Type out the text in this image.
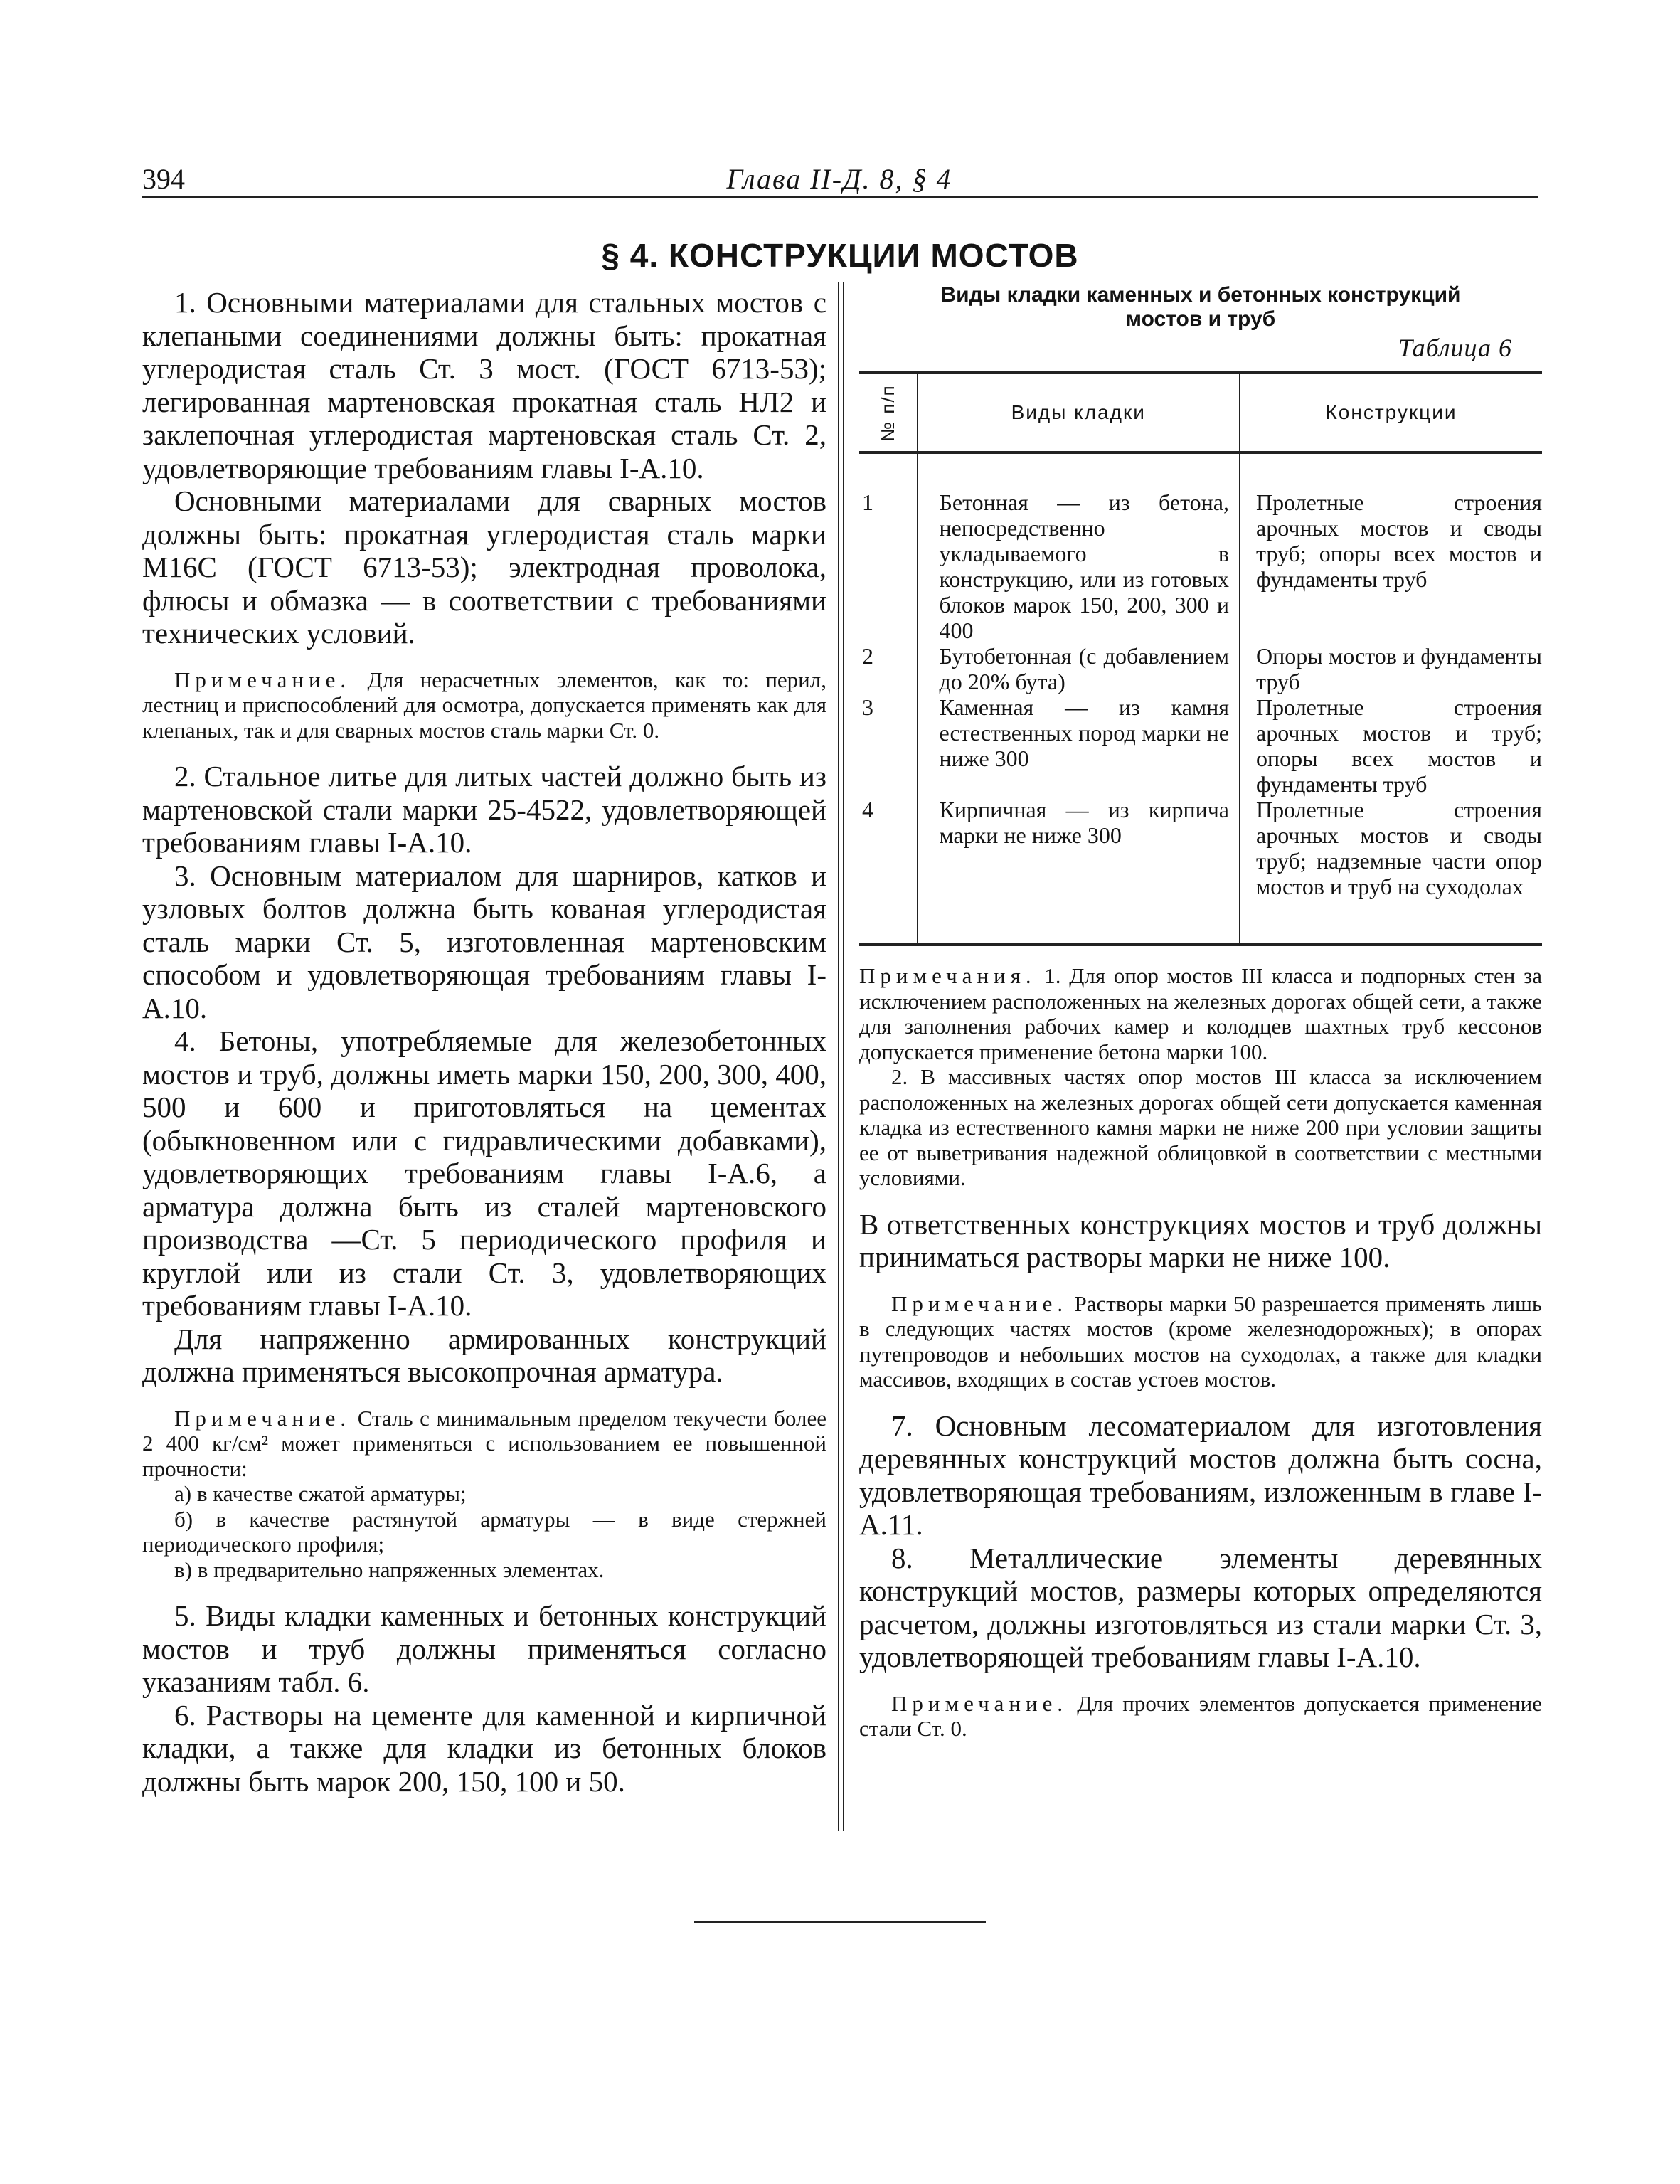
394	Глава II-Д. 8, § 4
§ 4. КОНСТРУКЦИИ МОСТОВ

1. Основными материалами для стальных мостов с клепаными соединениями должны быть: прокатная углеродистая сталь Ст. 3 мост. (ГОСТ 6713-53); легированная мартеновская прокатная сталь НЛ2 и заклепочная углеродистая мартеновская сталь Ст. 2, удовлетворяющие требованиям главы I-А.10.

Основными материалами для сварных мостов должны быть: прокатная углеродистая сталь марки М16С (ГОСТ 6713-53); электродная проволока, флюсы и обмазка — в соответствии с требованиями технических условий.

Примечание. Для нерасчетных элементов, как то: перил, лестниц и приспособлений для осмотра, допускается применять как для клепаных, так и для сварных мостов сталь марки Ст. 0.

2. Стальное литье для литых частей должно быть из мартеновской стали марки 25-4522, удовлетворяющей требованиям главы I-А.10.

3. Основным материалом для шарниров, катков и узловых болтов должна быть кованая углеродистая сталь марки Ст. 5, изготовленная мартеновским способом и удовлетворяющая требованиям главы I-А.10.

4. Бетоны, употребляемые для железобетонных мостов и труб, должны иметь марки 150, 200, 300, 400, 500 и 600 и приготовляться на цементах (обыкновенном или с гидравлическими добавками), удовлетворяющих требованиям главы I-А.6, а арматура должна быть из сталей мартеновского производства —Ст. 5 периодического профиля и круглой или из стали Ст. 3, удовлетворяющих требованиям главы I-А.10.

Для напряженно армированных конструкций должна применяться высокопрочная арматура.

Примечание. Сталь с минимальным пределом текучести более 2 400 кг/см² может применяться с использованием ее повышенной прочности:

а) в качестве сжатой арматуры;

б) в качестве растянутой арматуры — в виде стержней периодического профиля;

в) в предварительно напряженных элементах.

5. Виды кладки каменных и бетонных конструкций мостов и труб должны применяться согласно указаниям табл. 6.

6. Растворы на цементе для каменной и кирпичной кладки, а также для кладки из бетонных блоков должны быть марок 200, 150, 100 и 50.

Виды кладки каменных и бетонных конструкций
мостов и труб
Таблица 6
№ п/п	Виды кладки	Конструкции
1	Бетонная — из бетона, непосредственно укладываемого в конструкцию, или из готовых блоков марок 150, 200, 300 и 400	Пролетные строения арочных мостов и своды труб; опоры всех мостов и фундаменты труб
2	Бутобетонная (с добавлением до 20% бута)	Опоры мостов и фундаменты труб
3	Каменная — из камня естественных пород марки не ниже 300	Пролетные строения арочных мостов и труб; опоры всех мостов и фундаменты труб
4	Кирпичная — из кирпича марки не ниже 300	Пролетные строения арочных мостов и своды труб; надземные части опор мостов и труб на суходолах

Примечания. 1. Для опор мостов III класса и подпорных стен за исключением расположенных на железных дорогах общей сети, а также для заполнения рабочих камер и колодцев шахтных труб кессонов допускается применение бетона марки 100.

2. В массивных частях опор мостов III класса за исключением расположенных на железных дорогах общей сети допускается каменная кладка из естественного камня марки не ниже 200 при условии защиты ее от выветривания надежной облицовкой в соответствии с местными условиями.

В ответственных конструкциях мостов и труб должны приниматься растворы марки не ниже 100.

Примечание. Растворы марки 50 разрешается применять лишь в следующих частях мостов (кроме железнодорожных); в опорах путепроводов и небольших мостов на суходолах, а также для кладки массивов, входящих в состав устоев мостов.

7. Основным лесоматериалом для изготовления деревянных конструкций мостов должна быть сосна, удовлетворяющая требованиям, изложенным в главе I-А.11.

8. Металлические элементы деревянных конструкций мостов, размеры которых определяются расчетом, должны изготовляться из стали марки Ст. 3, удовлетворяющей требованиям главы I-А.10.

Примечание. Для прочих элементов допускается применение стали Ст. 0.
